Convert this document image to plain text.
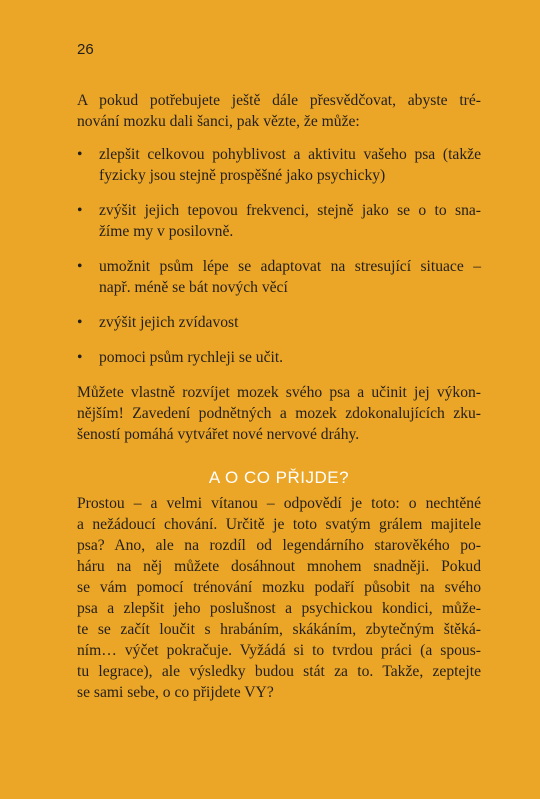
26

A pokud potřebujete ještě dále přesvědčovat, abyste tré-
nování mozku dali šanci, pak vězte, že může:

• zlepšit celkovou pohyblivost a aktivitu vašeho psa (takže
fyzicky jsou stejně prospěšné jako psychicky)
• zvýšit jejich tepovou frekvenci, stejně jako se o to sna-
žíme my v posilovně.
• umožnit psům lépe se adaptovat na stresující situace –
např. méně se bát nových věcí
• zvýšit jejich zvídavost
• pomoci psům rychleji se učit.

Můžete vlastně rozvíjet mozek svého psa a učinit jej výkon-
nějším! Zavedení podnětných a mozek zdokonalujících zku-
šeností pomáhá vytvářet nové nervové dráhy.

A O CO PŘIJDE?

Prostou – a velmi vítanou – odpovědí je toto: o nechtěné
a nežádoucí chování. Určitě je toto svatým grálem majitele
psa? Ano, ale na rozdíl od legendárního starověkého po-
háru na něj můžete dosáhnout mnohem snadněji. Pokud
se vám pomocí trénování mozku podaří působit na svého
psa a zlepšit jeho poslušnost a psychickou kondici, může-
te se začít loučit s hrabáním, skákáním, zbytečným štěká-
ním… výčet pokračuje. Vyžádá si to tvrdou práci (a spous-
tu legrace), ale výsledky budou stát za to. Takže, zeptejte
se sami sebe, o co přijdete VY?
